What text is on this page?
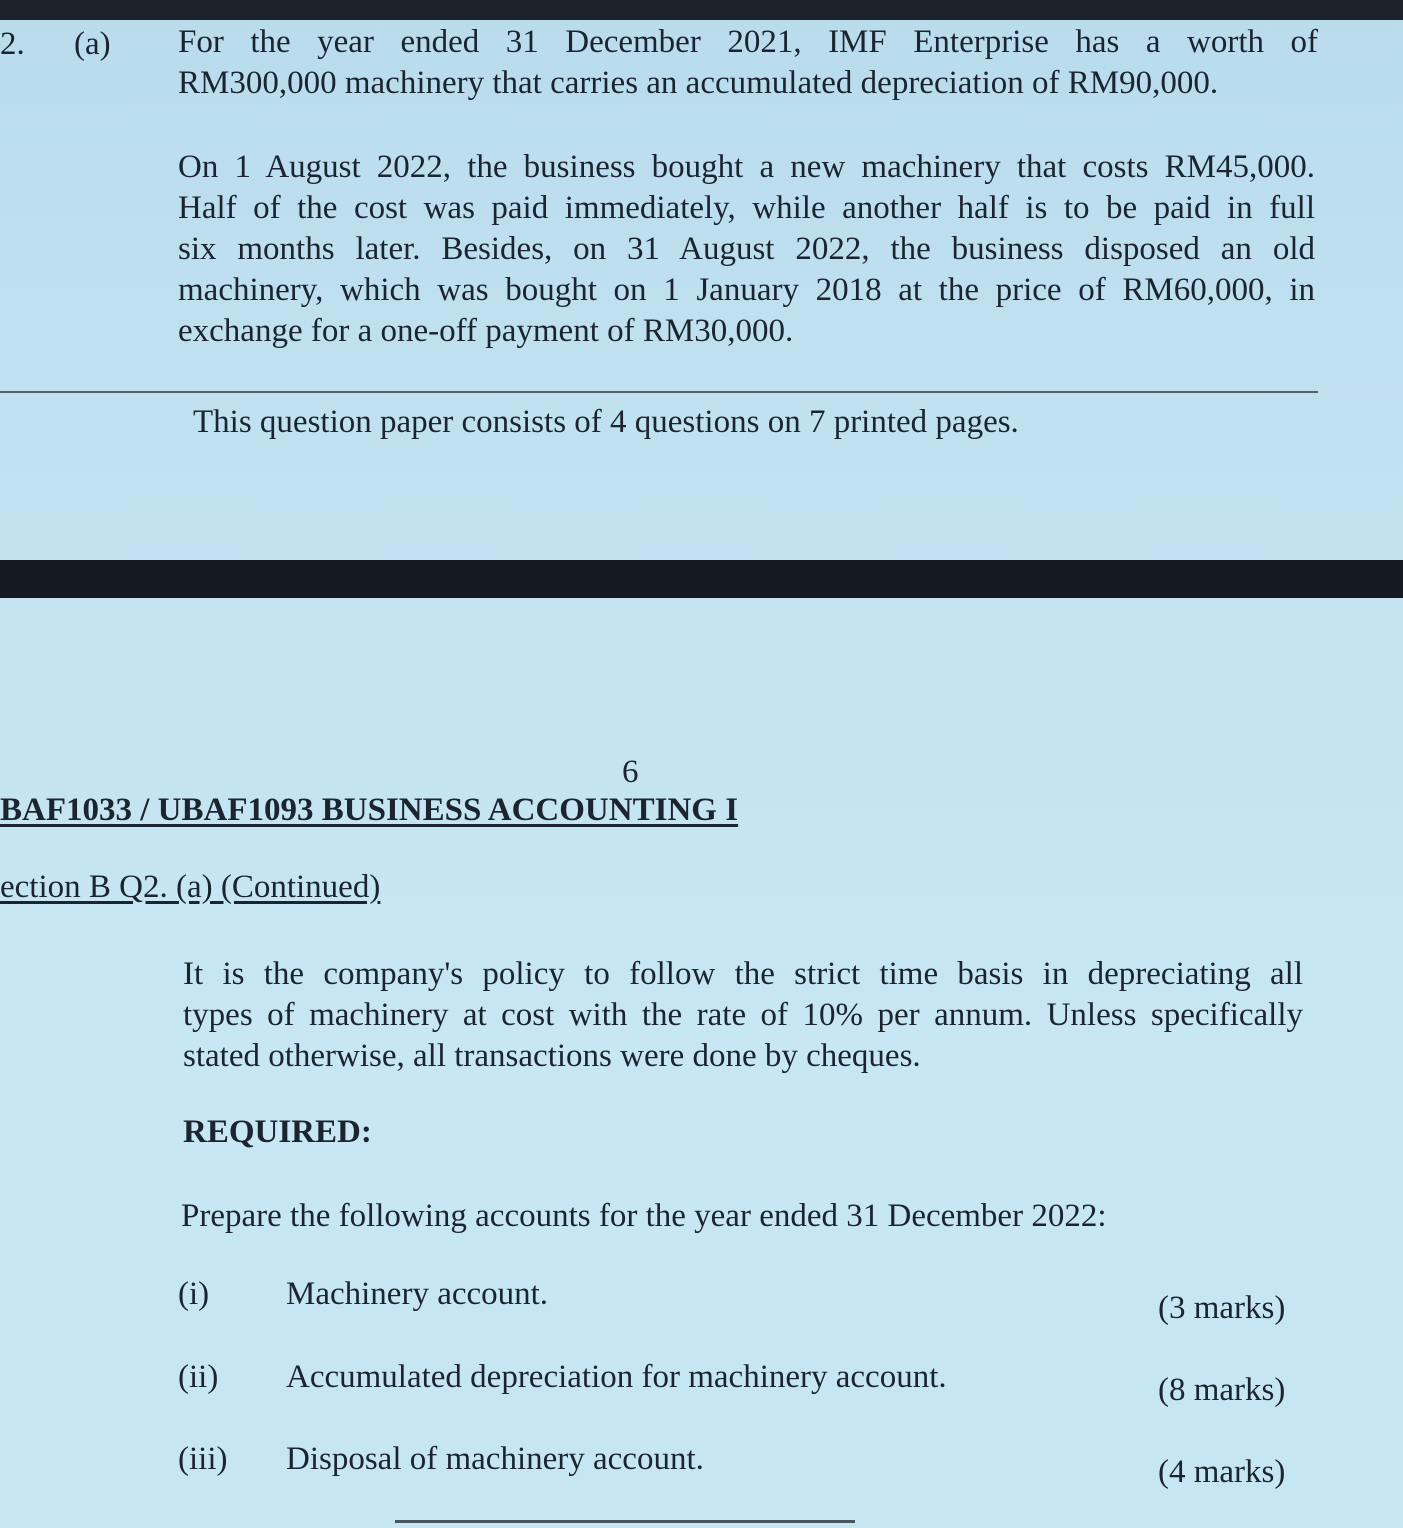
2. (a) For the year ended 31 December 2021, IMF Enterprise has a worth of
RM300,000 machinery that carries an accumulated depreciation of RM90,000.
On 1 August 2022, the business bought a new machinery that costs RM45,000.
Half of the cost was paid immediately, while another half is to be paid in full
six months later. Besides, on 31 August 2022, the business disposed an old
machinery, which was bought on 1 January 2018 at the price of RM60,000, in
exchange for a one-off payment of RM30,000.
This question paper consists of 4 questions on 7 printed pages.
6
BAF1033 / UBAF1093 BUSINESS ACCOUNTING I
ection B Q2. (a) (Continued)
It is the company's policy to follow the strict time basis in depreciating all
types of machinery at cost with the rate of 10% per annum. Unless specifically
stated otherwise, all transactions were done by cheques.
REQUIRED:
Prepare the following accounts for the year ended 31 December 2022:
(i) Machinery account.	(3 marks)
(ii) Accumulated depreciation for machinery account.	(8 marks)
(iii) Disposal of machinery account.	(4 marks)
